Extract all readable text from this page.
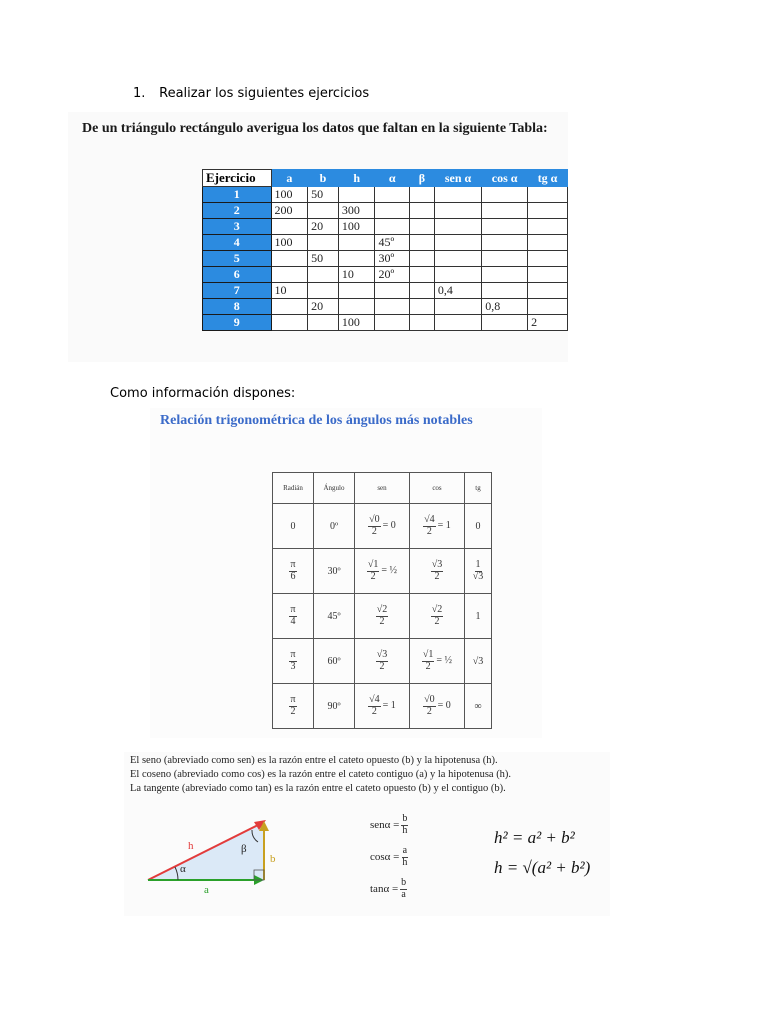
1. Realizar los siguientes ejercicios
De un triángulo rectángulo averigua los datos que faltan en la siguiente Tabla:
Ejercicio	a	b	h	α	β	sen α	cos α	tg α
1	100	50						
2	200		300					
3		20	100					
4	100			45º				
5		50		30º				
6			10	20º				
7	10					0,4		
8		20					0,8	
9			100					2
Como información dispones:
Relación trigonométrica de los ángulos más notables
Radián	Ángulo	sen	cos	tg
0	0º	$\frac{√0}{2} = 0$	$\frac{√4}{2} = 1$	0

$\frac{\pi}{6}$	30º	$\frac{√1}{2}$ = ½	$\frac{√3}{2}$	$\frac{1}{√3}$

$\frac{\pi}{4}$	45º	$\frac{√2}{2}$	$\frac{√2}{2}$	1

$\frac{\pi}{3}$	60º	$\frac{√3}{2}$	$\frac{√1}{2}$ = ½	√3

$\frac{\pi}{2}$	90º	$\frac{√4}{2} = 1$	$\frac{√0}{2} = 0$	∞
El seno (abreviado como sen) es la razón entre el cateto opuesto (b) y la hipotenusa (h).
El coseno (abreviado como cos) es la razón entre el cateto contiguo (a) y la hipotenusa (h).
La tangente (abreviado como tan) es la razón entre el cateto opuesto (b) y el contiguo (b).
h
α
β
a
b
$sen\alpha = \frac{b}{h}$
$\cos\alpha = \frac{a}{h}$
$\tan\alpha = \frac{b}{a}$
h² = a² + b²
h = √(a² + b²)
